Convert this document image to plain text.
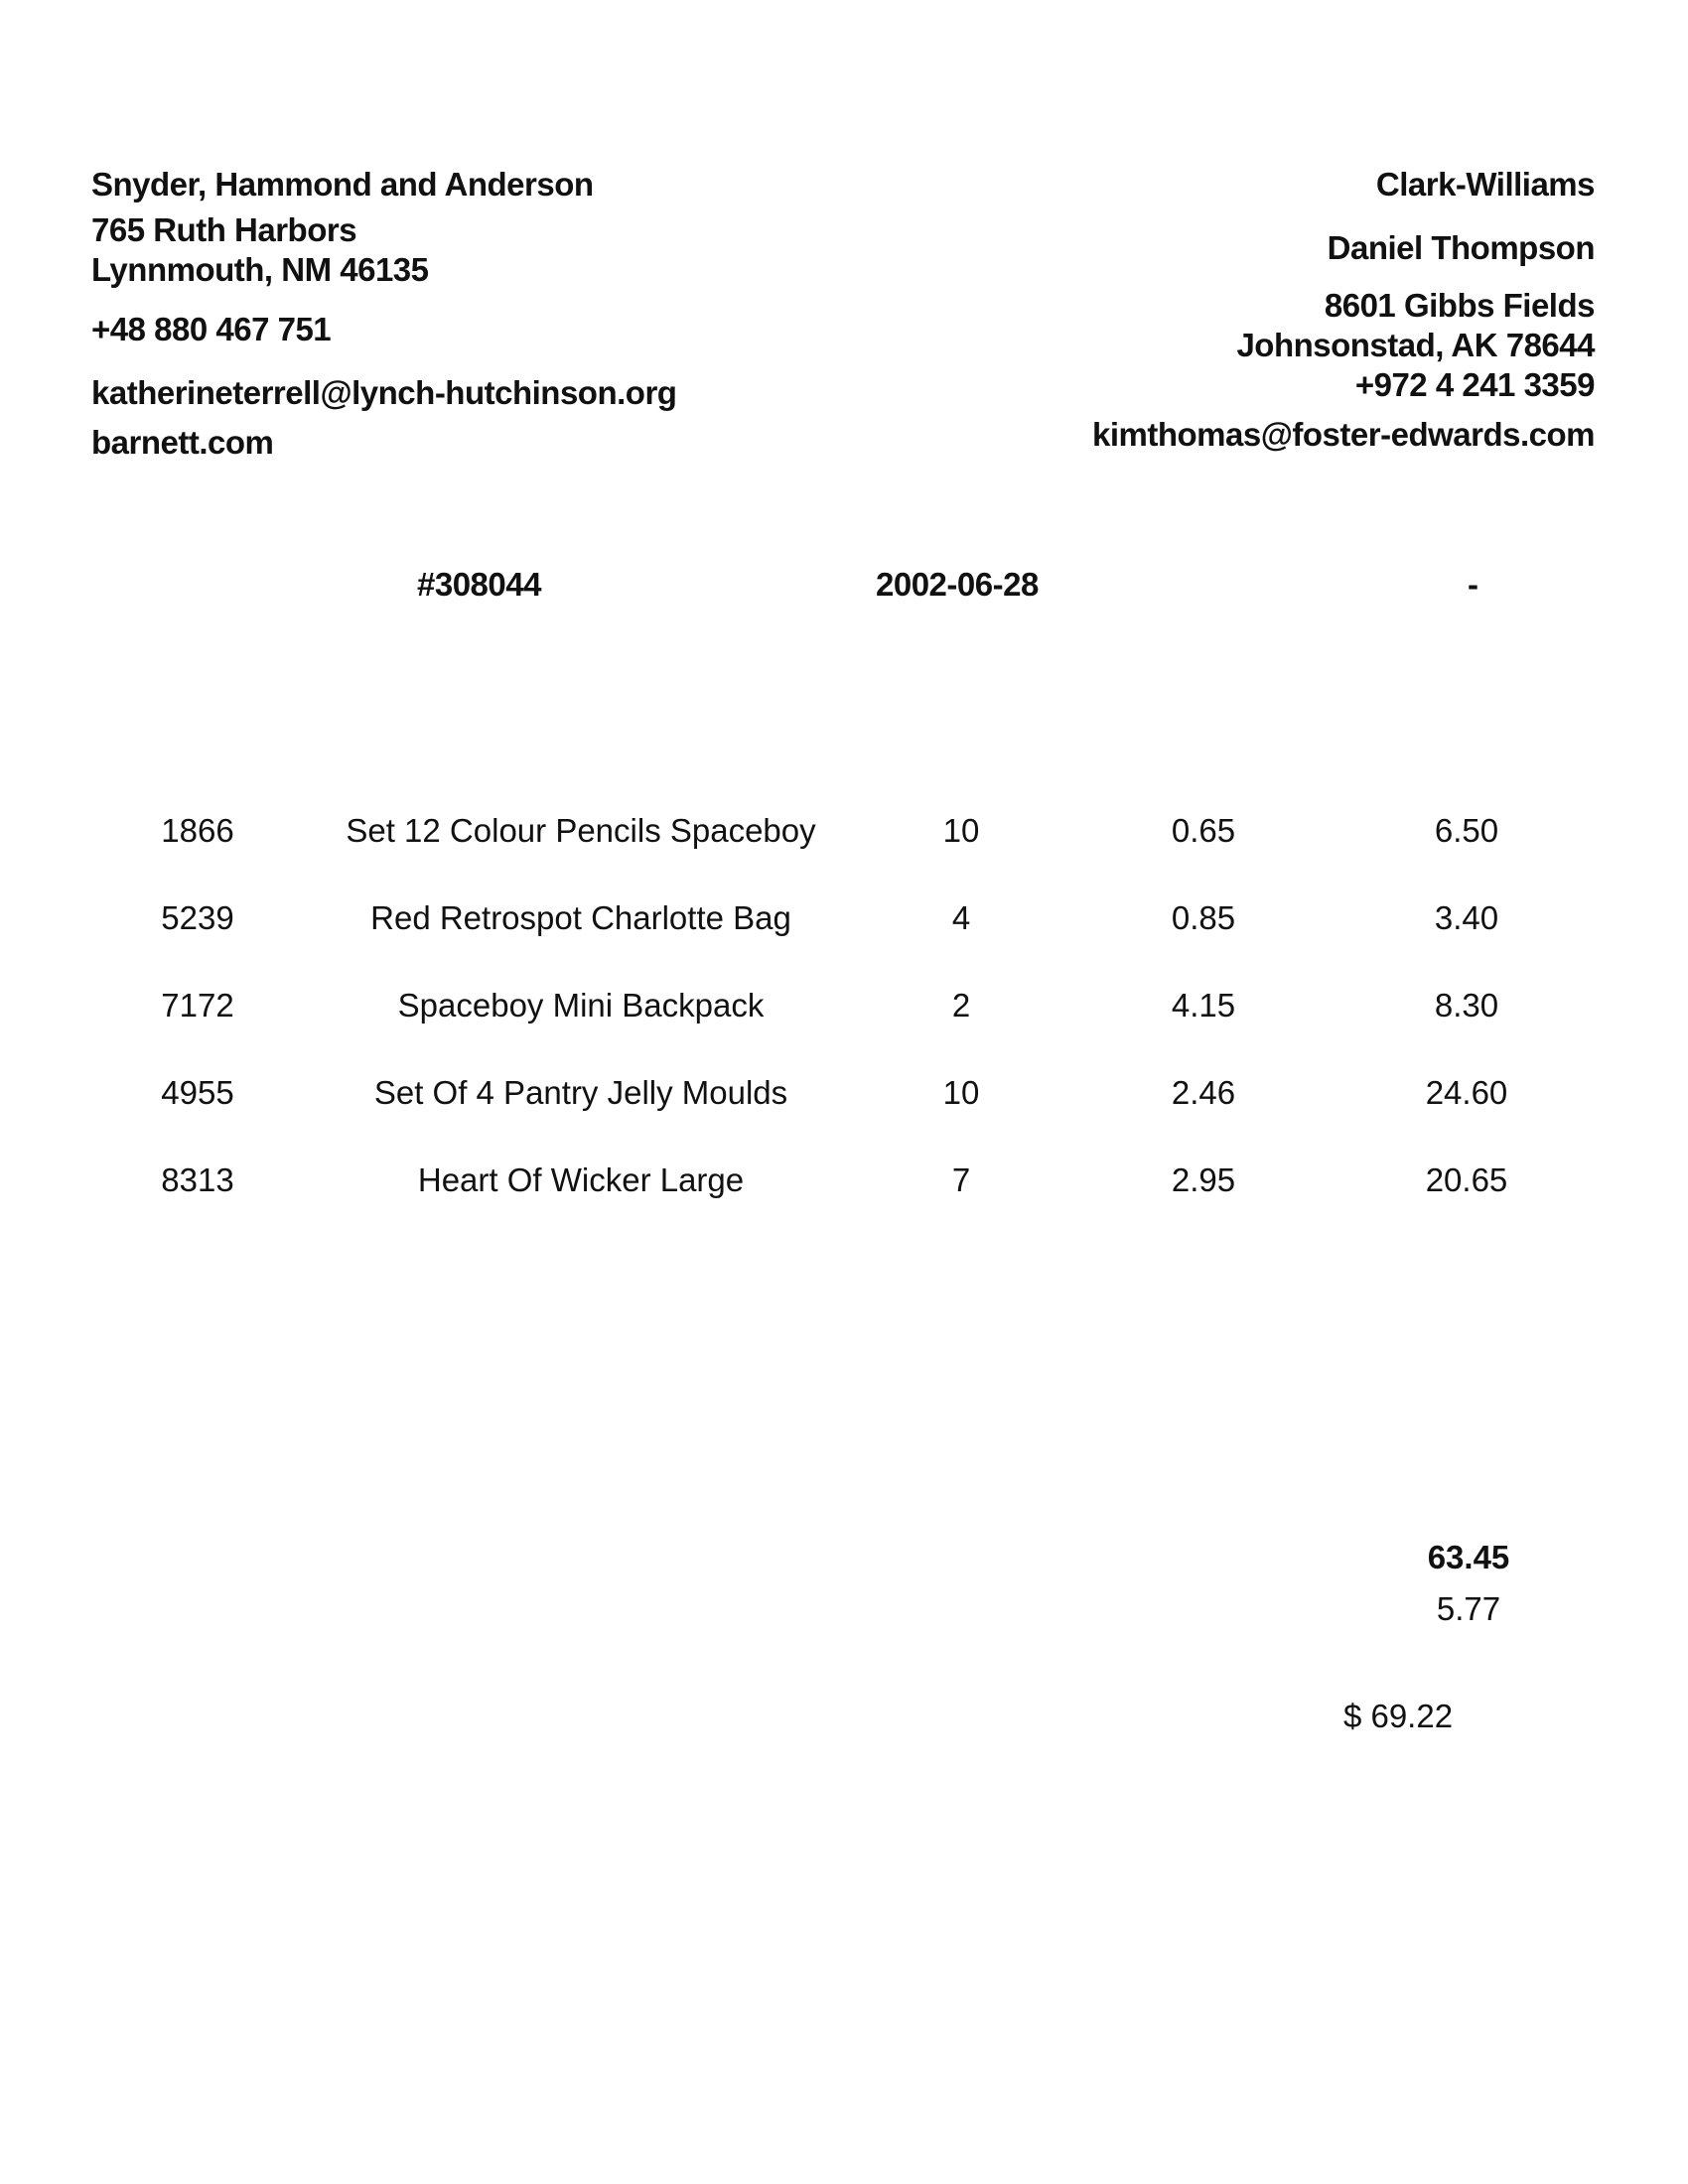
Snyder, Hammond and Anderson
765 Ruth Harbors
Lynnmouth, NM 46135
+48 880 467 751
katherineterrell@lynch-hutchinson.org
barnett.com
Clark-Williams
Daniel Thompson
8601 Gibbs Fields
Johnsonstad, AK 78644
+972 4 241 3359
kimthomas@foster-edwards.com
#308044	2002-06-28	-
1866	Set 12 Colour Pencils Spaceboy	10	0.65	6.50
5239	Red Retrospot Charlotte Bag	4	0.85	3.40
7172	Spaceboy Mini Backpack	2	4.15	8.30
4955	Set Of 4 Pantry Jelly Moulds	10	2.46	24.60
8313	Heart Of Wicker Large	7	2.95	20.65
63.45
5.77
$ 69.22
